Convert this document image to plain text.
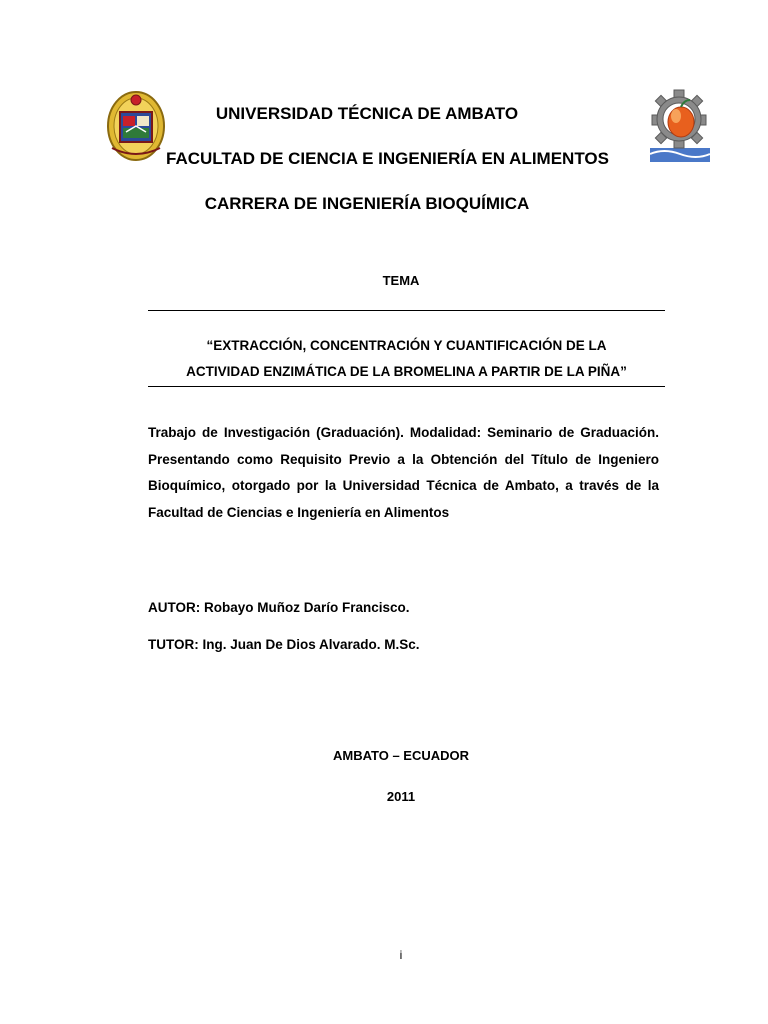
UNIVERSIDAD TÉCNICA DE AMBATO
FACULTAD DE CIENCIA E INGENIERÍA EN ALIMENTOS
CARRERA DE INGENIERÍA BIOQUÍMICA
TEMA
“EXTRACCIÓN, CONCENTRACIÓN Y CUANTIFICACIÓN DE LA
ACTIVIDAD ENZIMÁTICA DE LA BROMELINA A PARTIR DE LA PIÑA”
Trabajo de Investigación (Graduación). Modalidad: Seminario de Graduación. Presentando como Requisito Previo a la Obtención del Título de Ingeniero Bioquímico, otorgado por la Universidad Técnica de Ambato, a través de la Facultad de Ciencias e Ingeniería en Alimentos
AUTOR: Robayo Muñoz Darío Francisco.
TUTOR: Ing. Juan De Dios Alvarado. M.Sc.
AMBATO – ECUADOR
2011
i
